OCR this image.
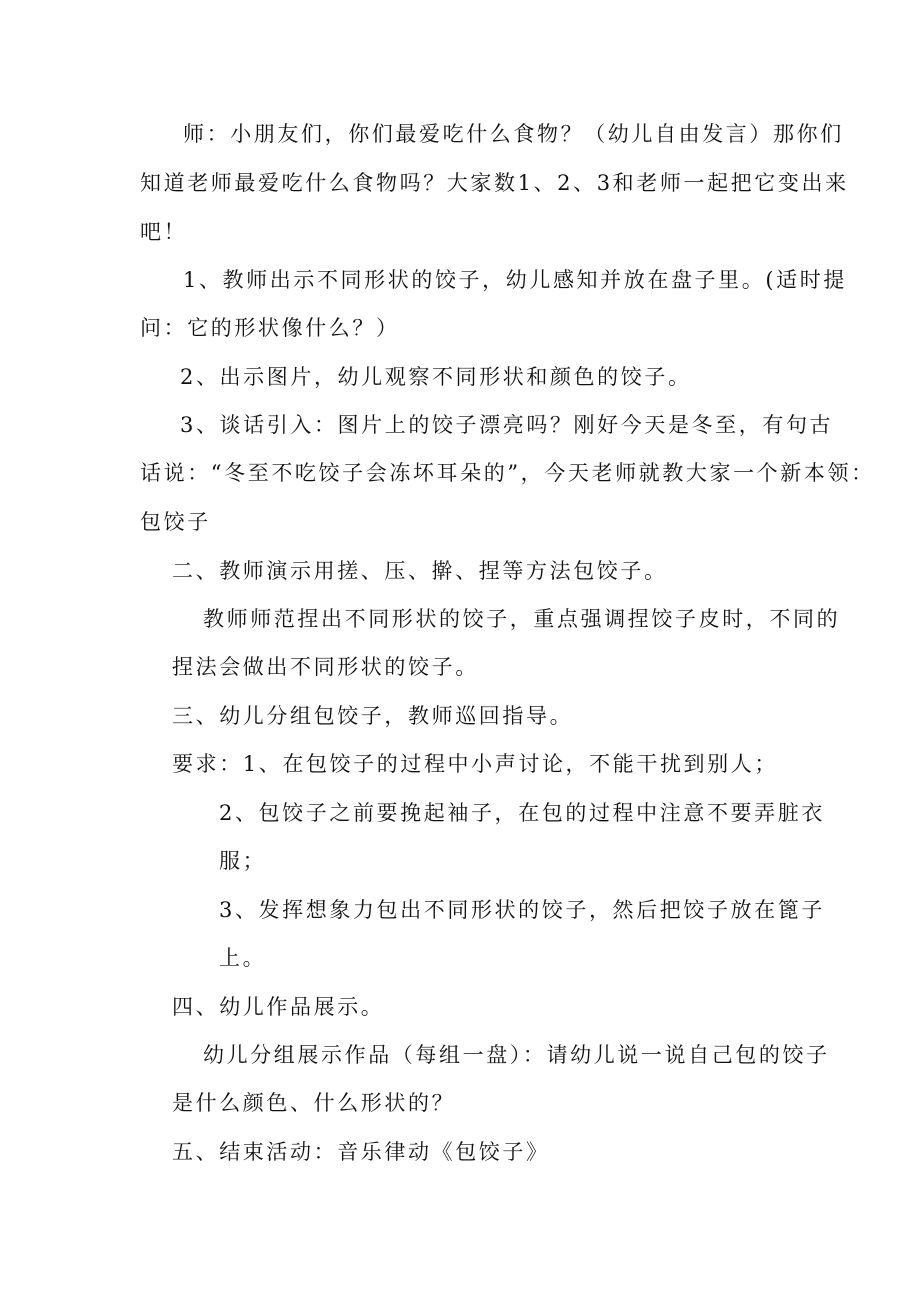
师：小朋友们，你们最爱吃什么食物？（幼儿自由发言）那你们
知道老师最爱吃什么食物吗？大家数1、2、3和老师一起把它变出来
吧！
1、教师出示不同形状的饺子，幼儿感知并放在盘子里。(适时提
问：它的形状像什么？）
2、出示图片，幼儿观察不同形状和颜色的饺子。
3、谈话引入：图片上的饺子漂亮吗？刚好今天是冬至，有句古
话说：“冬至不吃饺子会冻坏耳朵的”，今天老师就教大家一个新本领：
包饺子
二、教师演示用搓、压、擀、捏等方法包饺子。
教师师范捏出不同形状的饺子，重点强调捏饺子皮时，不同的
捏法会做出不同形状的饺子。
三、幼儿分组包饺子，教师巡回指导。
要求：1、在包饺子的过程中小声讨论，不能干扰到别人；
2、包饺子之前要挽起袖子，在包的过程中注意不要弄脏衣
服；
3、发挥想象力包出不同形状的饺子，然后把饺子放在篦子
上。
四、幼儿作品展示。
幼儿分组展示作品（每组一盘）：请幼儿说一说自己包的饺子
是什么颜色、什么形状的？
五、结束活动：音乐律动《包饺子》
